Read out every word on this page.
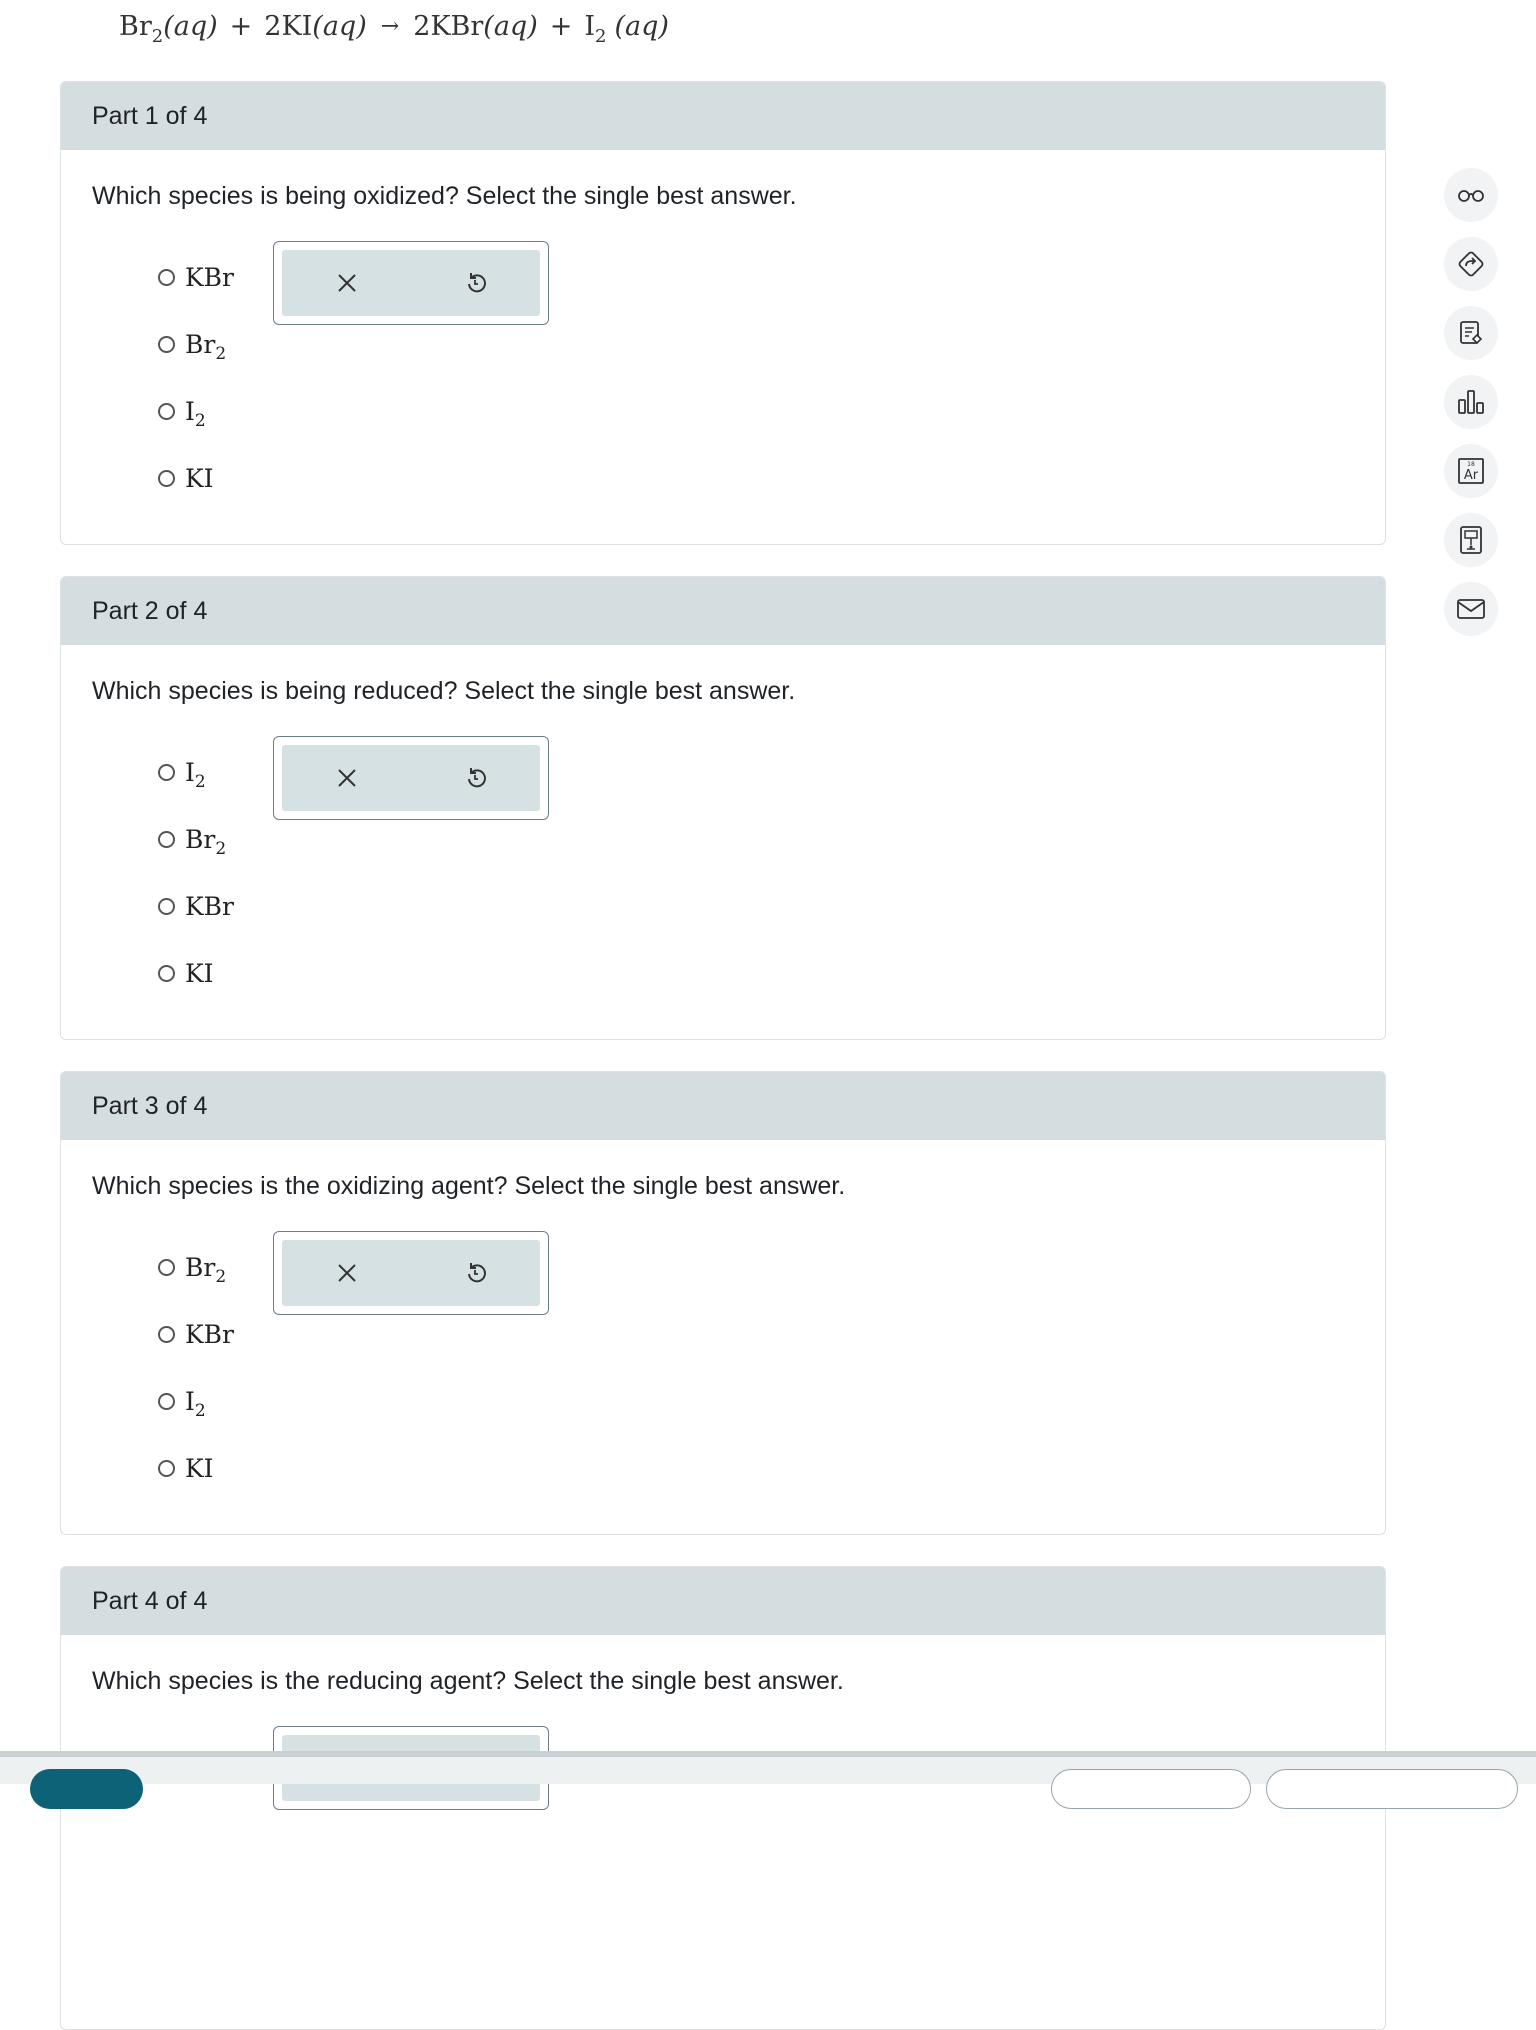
$Br_2$ (aq) + 2KI (aq) → 2KBr $(aq) + I_2$ (aq)
Part 1 of 4
Which species is being oxidized? Select the single best answer.
KBr
$Br_2$
$I_2$
KI
Part 2 of 4
Which species is being reduced? Select the single best answer.
$I_2$
$Br_2$
KBr
KI
Part 3 of 4
Which species is the oxidizing agent? Select the single best answer.
$Br_2$
KBr
$I_2$
KI
Part 4 of 4
Which species is the reducing agent? Select the single best answer.
18
Ar
